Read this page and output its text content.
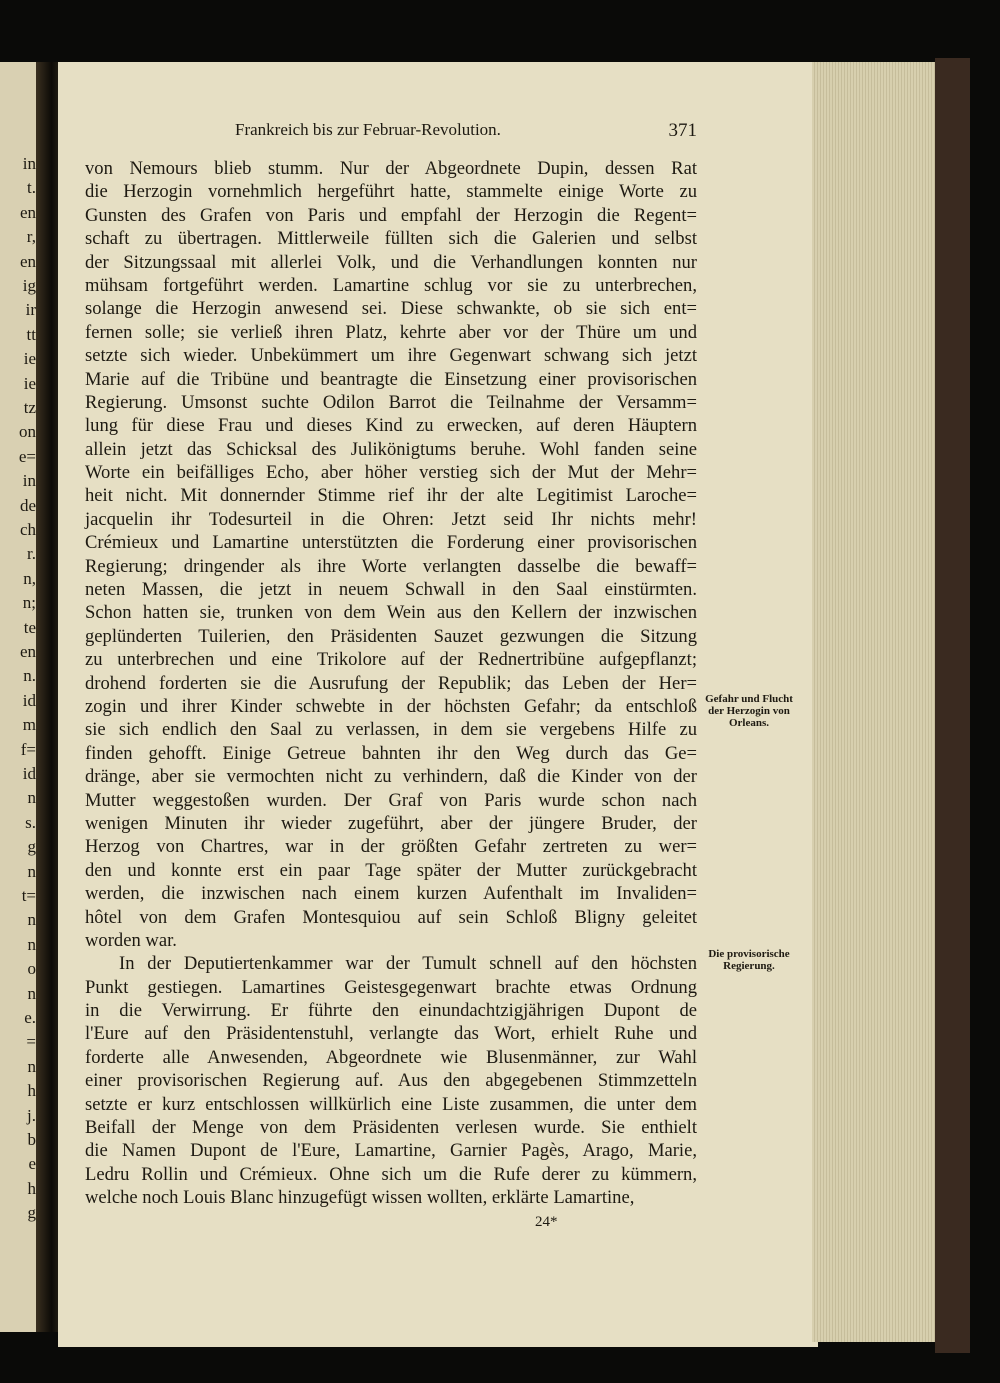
in
t.
en
r,
en
ig
ir
tt
ie
ie
tz
on
e=
in
de
ch
r.
n,
n;
te
en
n.
id
m
f=
id
n
s.
g
n
t=
n
n
o
n
e.
=
n
h
j.
b
e
h
g
Frankreich bis zur Februar-Revolution.	371
von Nemours blieb stumm. Nur der Abgeordnete Dupin, dessen Rat
die Herzogin vornehmlich hergeführt hatte, stammelte einige Worte zu
Gunsten des Grafen von Paris und empfahl der Herzogin die Regent=
schaft zu übertragen. Mittlerweile füllten sich die Galerien und selbst
der Sitzungssaal mit allerlei Volk, und die Verhandlungen konnten nur
mühsam fortgeführt werden. Lamartine schlug vor sie zu unterbrechen,
solange die Herzogin anwesend sei. Diese schwankte, ob sie sich ent=
fernen solle; sie verließ ihren Platz, kehrte aber vor der Thüre um und
setzte sich wieder. Unbekümmert um ihre Gegenwart schwang sich jetzt
Marie auf die Tribüne und beantragte die Einsetzung einer provisorischen
Regierung. Umsonst suchte Odilon Barrot die Teilnahme der Versamm=
lung für diese Frau und dieses Kind zu erwecken, auf deren Häuptern
allein jetzt das Schicksal des Julikönigtums beruhe. Wohl fanden seine
Worte ein beifälliges Echo, aber höher verstieg sich der Mut der Mehr=
heit nicht. Mit donnernder Stimme rief ihr der alte Legitimist Laroche=
jacquelin ihr Todesurteil in die Ohren: Jetzt seid Ihr nichts mehr!
Crémieux und Lamartine unterstützten die Forderung einer provisorischen
Regierung; dringender als ihre Worte verlangten dasselbe die bewaff=
neten Massen, die jetzt in neuem Schwall in den Saal einstürmten.
Schon hatten sie, trunken von dem Wein aus den Kellern der inzwischen
geplünderten Tuilerien, den Präsidenten Sauzet gezwungen die Sitzung
zu unterbrechen und eine Trikolore auf der Rednertribüne aufgepflanzt;
drohend forderten sie die Ausrufung der Republik; das Leben der Her=
zogin und ihrer Kinder schwebte in der höchsten Gefahr; da entschloß
sie sich endlich den Saal zu verlassen, in dem sie vergebens Hilfe zu
finden gehofft. Einige Getreue bahnten ihr den Weg durch das Ge=
dränge, aber sie vermochten nicht zu verhindern, daß die Kinder von der
Mutter weggestoßen wurden. Der Graf von Paris wurde schon nach
wenigen Minuten ihr wieder zugeführt, aber der jüngere Bruder, der
Herzog von Chartres, war in der größten Gefahr zertreten zu wer=
den und konnte erst ein paar Tage später der Mutter zurückgebracht
werden, die inzwischen nach einem kurzen Aufenthalt im Invaliden=
hôtel von dem Grafen Montesquiou auf sein Schloß Bligny geleitet
worden war.
In der Deputiertenkammer war der Tumult schnell auf den höchsten
Punkt gestiegen. Lamartines Geistesgegenwart brachte etwas Ordnung
in die Verwirrung. Er führte den einundachtzigjährigen Dupont de
l'Eure auf den Präsidentenstuhl, verlangte das Wort, erhielt Ruhe und
forderte alle Anwesenden, Abgeordnete wie Blusenmänner, zur Wahl
einer provisorischen Regierung auf. Aus den abgegebenen Stimmzetteln
setzte er kurz entschlossen willkürlich eine Liste zusammen, die unter dem
Beifall der Menge von dem Präsidenten verlesen wurde. Sie enthielt
die Namen Dupont de l'Eure, Lamartine, Garnier Pagès, Arago, Marie,
Ledru Rollin und Crémieux. Ohne sich um die Rufe derer zu kümmern,
welche noch Louis Blanc hinzugefügt wissen wollten, erklärte Lamartine,
Gefahr und Flucht der Herzogin von Orleans.
Die provisorische Regierung.
24*
